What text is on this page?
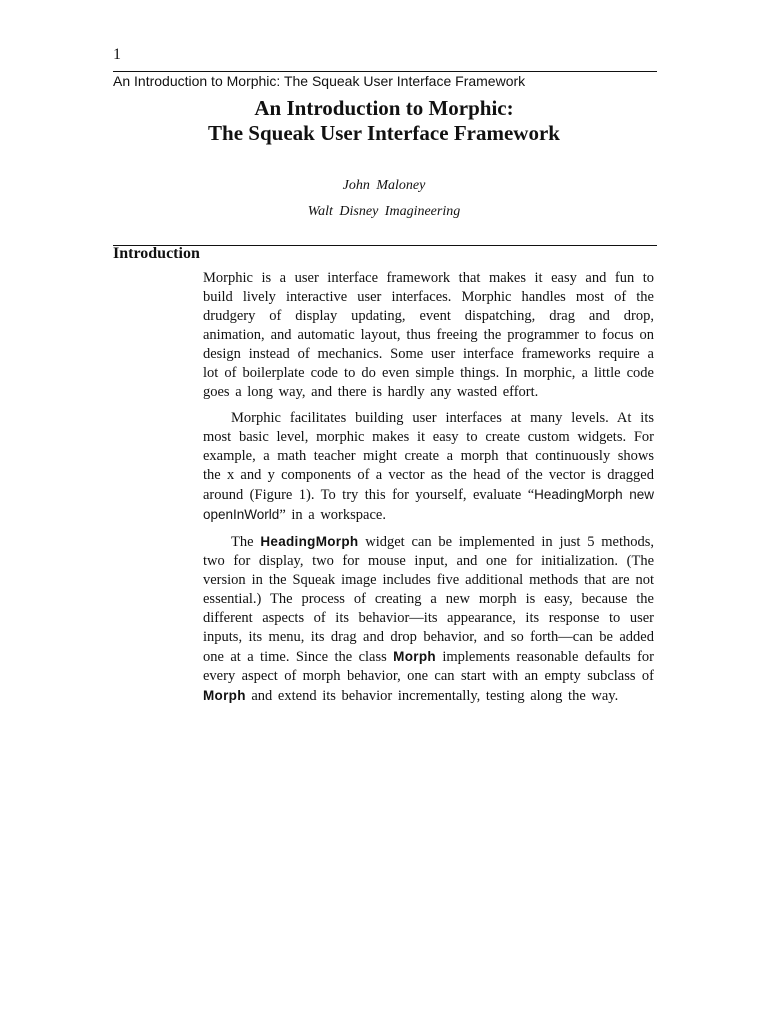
1
An Introduction to Morphic: The Squeak User Interface Framework
An Introduction to Morphic:
The Squeak User Interface Framework
John Maloney
Walt Disney Imagineering
Introduction

Morphic is a user interface framework that makes it easy and fun to build lively interactive user interfaces. Morphic handles most of the drudgery of display updating, event dispatching, drag and drop, animation, and automatic layout, thus freeing the programmer to focus on design instead of mechanics. Some user interface frameworks require a lot of boilerplate code to do even simple things. In morphic, a little code goes a long way, and there is hardly any wasted effort.

Morphic facilitates building user interfaces at many levels. At its most basic level, morphic makes it easy to create custom widgets. For example, a math teacher might create a morph that continuously shows the x and y components of a vector as the head of the vector is dragged around (Figure 1). To try this for yourself, evaluate “HeadingMorph new openInWorld” in a workspace.

The HeadingMorph widget can be implemented in just 5 methods, two for display, two for mouse input, and one for initialization. (The version in the Squeak image includes five additional methods that are not essential.) The process of creating a new morph is easy, because the different aspects of its behavior—its appearance, its response to user inputs, its menu, its drag and drop behavior, and so forth—can be added one at a time. Since the class Morph implements reasonable defaults for every aspect of morph behavior, one can start with an empty subclass of Morph and extend its behavior incrementally, testing along the way.
